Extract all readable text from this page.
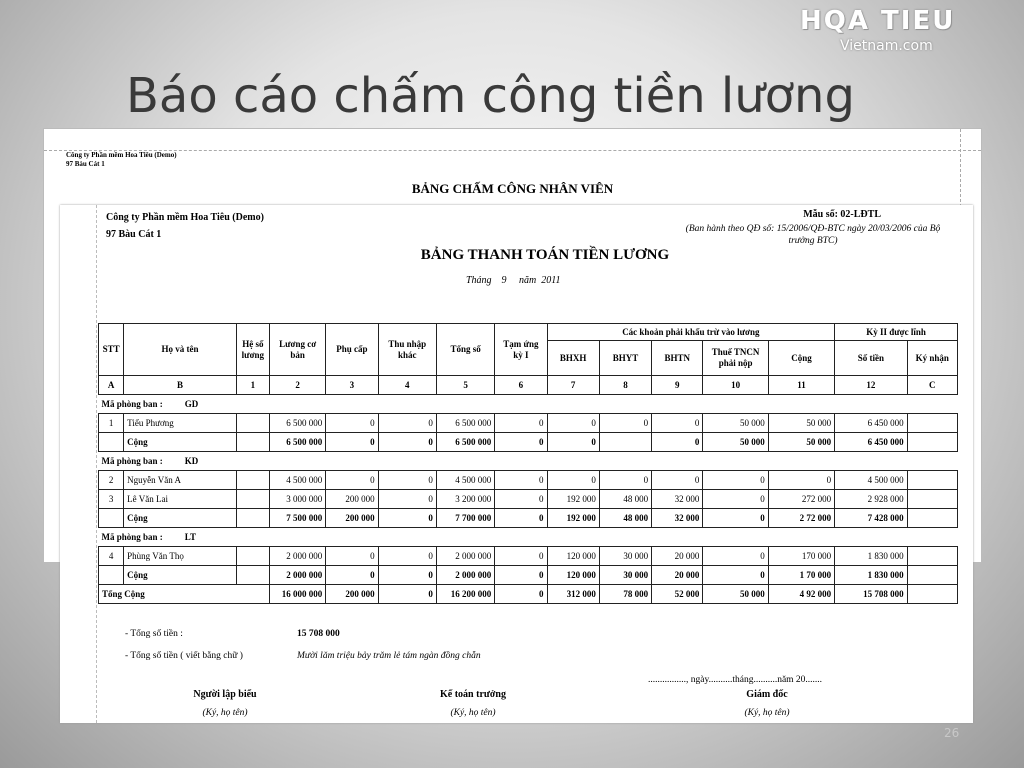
HQA TIEU
Vietnam.com
Báo cáo chấm công tiền lương
Công ty Phần mềm Hoa Tiêu (Demo)
97 Bàu Cát 1
BẢNG CHẤM CÔNG NHÂN VIÊN
Công ty Phần mềm Hoa Tiêu (Demo)
97 Bàu Cát 1
Mẫu số: 02-LĐTL
(Ban hành theo QĐ số: 15/2006/QĐ-BTC ngày 20/03/2006 của Bộ trưởng BTC)
BẢNG THANH TOÁN TIỀN LƯƠNG
Tháng    9     năm  2011
STT	Họ và tên	Hệ số lương	Lương cơ bản	Phụ cấp	Thu nhập khác	Tổng số	Tạm ứng kỳ I	Các khoản phải khấu trừ vào lương					Kỳ II được lĩnh	
								BHXH	BHYT	BHTN	Thuế TNCN phải nộp	Cộng	Số tiền	Ký nhận
A	B	1	2	3	4	5	6	7	8	9	10	11	12	C
Mã phòng ban : GD														
1	Tiểu Phương		6 500 000	0	0	6 500 000	0	0	0	0	50 000	50 000	6 450 000	
	Cộng		6 500 000	0	0	6 500 000	0	0		0	50 000	50 000	6 450 000	
Mã phòng ban : KD														
2	Nguyễn Văn A		4 500 000	0	0	4 500 000	0	0	0	0	0	0	4 500 000	
3	Lê Văn Lai		3 000 000	200 000	0	3 200 000	0	192 000	48 000	32 000	0	272 000	2 928 000	
	Cộng		7 500 000	200 000	0	7 700 000	0	192 000	48 000	32 000	0	2 72 000	7 428 000	
Mã phòng ban : LT														
4	Phùng Văn Thọ		2 000 000	0	0	2 000 000	0	120 000	30 000	20 000	0	170 000	1 830 000	
	Cộng		2 000 000	0	0	2 000 000	0	120 000	30 000	20 000	0	1 70 000	1 830 000	
Tổng Cộng			16 000 000	200 000	0	16 200 000	0	312 000	78 000	52 000	50 000	4 92 000	15 708 000	
- Tổng số tiền :	15 708 000
- Tổng số tiền ( viết bằng chữ )	Mười lăm triệu bảy trăm lẻ tám ngàn đồng chẵn
................, ngày..........tháng..........năm 20.......
Người lập biểu
(Ký, họ tên)
Kế toán trưởng
(Ký, họ tên)
Giám đốc
(Ký, họ tên)
26
